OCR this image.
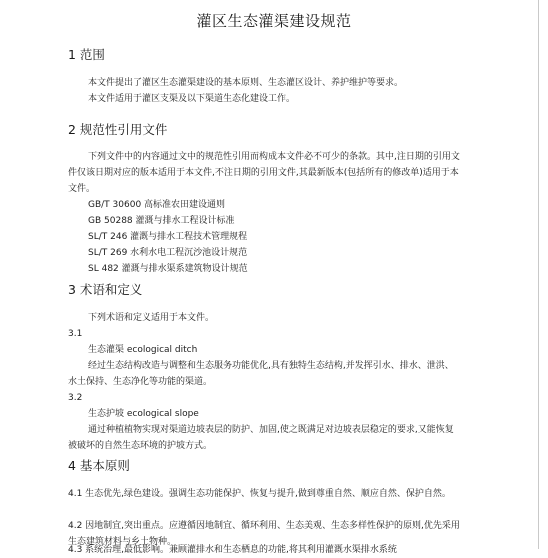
灌区生态灌渠建设规范
1 范围
本文件提出了灌区生态灌渠建设的基本原则、生态灌区设计、养护维护等要求。
本文件适用于灌区支渠及以下渠道生态化建设工作。
2 规范性引用文件
下列文件中的内容通过文中的规范性引用而构成本文件必不可少的条款。其中,注日期的引用文件仅该日期对应的版本适用于本文件,不注日期的引用文件,其最新版本(包括所有的修改单)适用于本文件。
GB/T 30600 高标准农田建设通则
GB 50288 灌溉与排水工程设计标准
SL/T 246 灌溉与排水工程技术管理规程
SL/T 269 水利水电工程沉沙池设计规范
SL 482 灌溉与排水渠系建筑物设计规范
3 术语和定义
下列术语和定义适用于本文件。
3.1
生态灌渠 ecological ditch
经过生态结构改造与调整和生态服务功能优化,具有独特生态结构,并发挥引水、排水、泄洪、水土保持、生态净化等功能的渠道。
3.2
生态护坡 ecological slope
通过种植植物实现对渠道边坡表层的防护、加固,使之既满足对边坡表层稳定的要求,又能恢复被破坏的自然生态环境的护坡方式。
4 基本原则
4.1 生态优先,绿色建设。强调生态功能保护、恢复与提升,做到尊重自然、顺应自然、保护自然。
4.2 因地制宜,突出重点。应遵循因地制宜、循环利用、生态美观、生态多样性保护的原则,优先采用生态建筑材料与乡土物种。
4.3 系统治理,最低影响。兼顾灌排水和生态栖息的功能,将其利用灌溉水渠排水系统
